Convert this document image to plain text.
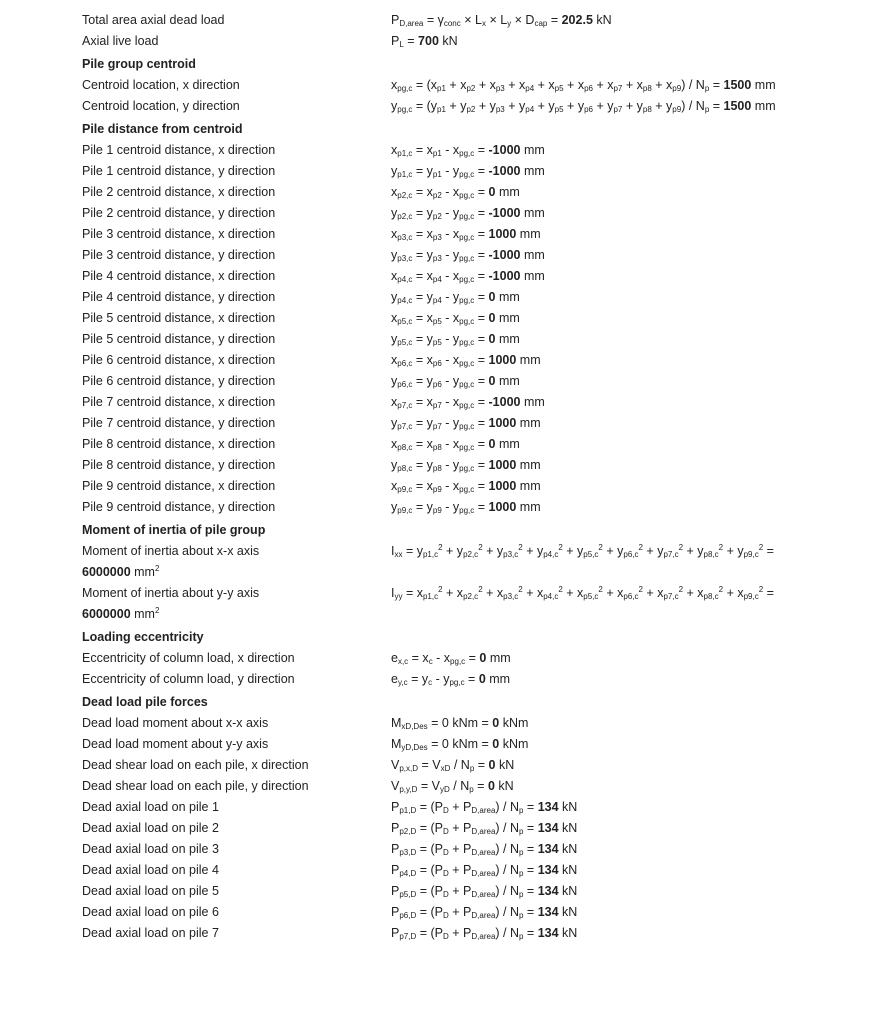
Total area axial dead load	$P_{D,area} = \gamma_{conc} \times L_x \times L_y \times D_{cap} = 202.5$ kN
Axial live load	$P_L = 700$ kN
Pile group centroid
Centroid location, x direction	$x_{pg,c} = (x_{p1} + x_{p2} + x_{p3} + x_{p4} + x_{p5} + x_{p6} + x_{p7} + x_{p8} + x_{p9}) / N_p = 1500$ mm
Centroid location, y direction	$y_{pg,c} = (y_{p1} + y_{p2} + y_{p3} + y_{p4} + y_{p5} + y_{p6} + y_{p7} + y_{p8} + y_{p9}) / N_p = 1500$ mm
Pile distance from centroid
Pile 1 centroid distance, x direction	$x_{p1,c} = x_{p1} - x_{pg,c} = -1000$ mm
Pile 1 centroid distance, y direction	$y_{p1,c} = y_{p1} - y_{pg,c} = -1000$ mm
Pile 2 centroid distance, x direction	$x_{p2,c} = x_{p2} - x_{pg,c} = 0$ mm
Pile 2 centroid distance, y direction	$y_{p2,c} = y_{p2} - y_{pg,c} = -1000$ mm
Pile 3 centroid distance, x direction	$x_{p3,c} = x_{p3} - x_{pg,c} = 1000$ mm
Pile 3 centroid distance, y direction	$y_{p3,c} = y_{p3} - y_{pg,c} = -1000$ mm
Pile 4 centroid distance, x direction	$x_{p4,c} = x_{p4} - x_{pg,c} = -1000$ mm
Pile 4 centroid distance, y direction	$y_{p4,c} = y_{p4} - y_{pg,c} = 0$ mm
Pile 5 centroid distance, x direction	$x_{p5,c} = x_{p5} - x_{pg,c} = 0$ mm
Pile 5 centroid distance, y direction	$y_{p5,c} = y_{p5} - y_{pg,c} = 0$ mm
Pile 6 centroid distance, x direction	$x_{p6,c} = x_{p6} - x_{pg,c} = 1000$ mm
Pile 6 centroid distance, y direction	$y_{p6,c} = y_{p6} - y_{pg,c} = 0$ mm
Pile 7 centroid distance, x direction	$x_{p7,c} = x_{p7} - x_{pg,c} = -1000$ mm
Pile 7 centroid distance, y direction	$y_{p7,c} = y_{p7} - y_{pg,c} = 1000$ mm
Pile 8 centroid distance, x direction	$x_{p8,c} = x_{p8} - x_{pg,c} = 0$ mm
Pile 8 centroid distance, y direction	$y_{p8,c} = y_{p8} - y_{pg,c} = 1000$ mm
Pile 9 centroid distance, x direction	$x_{p9,c} = x_{p9} - x_{pg,c} = 1000$ mm
Pile 9 centroid distance, y direction	$y_{p9,c} = y_{p9} - y_{pg,c} = 1000$ mm
Moment of inertia of pile group
Moment of inertia about x-x axis	$I_{xx} = y_{p1,c}^2 + y_{p2,c}^2 + y_{p3,c}^2 + y_{p4,c}^2 + y_{p5,c}^2 + y_{p6,c}^2 + y_{p7,c}^2 + y_{p8,c}^2 + y_{p9,c}^2$ =
6000000 $mm^2$
Moment of inertia about y-y axis	$I_{yy} = x_{p1,c}^2 + x_{p2,c}^2 + x_{p3,c}^2 + x_{p4,c}^2 + x_{p5,c}^2 + x_{p6,c}^2 + x_{p7,c}^2 + x_{p8,c}^2 + x_{p9,c}^2$ =
6000000 $mm^2$
Loading eccentricity
Eccentricity of column load, x direction	$e_{x,c} = x_c - x_{pg,c} = 0$ mm
Eccentricity of column load, y direction	$e_{y,c} = y_c - y_{pg,c} = 0$ mm
Dead load pile forces
Dead load moment about x-x axis	$M_{xD,Des} = 0$ kNm = 0 kNm
Dead load moment about y-y axis	$M_{yD,Des} = 0$ kNm = 0 kNm
Dead shear load on each pile, x direction	$V_{p,x,D} = V_{xD} / N_p = 0$ kN
Dead shear load on each pile, y direction	$V_{p,y,D} = V_{yD} / N_p = 0$ kN
Dead axial load on pile 1	$P_{p1,D} = (P_D + P_{D,area}) / N_p = 134$ kN
Dead axial load on pile 2	$P_{p2,D} = (P_D + P_{D,area}) / N_p = 134$ kN
Dead axial load on pile 3	$P_{p3,D} = (P_D + P_{D,area}) / N_p = 134$ kN
Dead axial load on pile 4	$P_{p4,D} = (P_D + P_{D,area}) / N_p = 134$ kN
Dead axial load on pile 5	$P_{p5,D} = (P_D + P_{D,area}) / N_p = 134$ kN
Dead axial load on pile 6	$P_{p6,D} = (P_D + P_{D,area}) / N_p = 134$ kN
Dead axial load on pile 7	$P_{p7,D} = (P_D + P_{D,area}) / N_p = 134$ kN
